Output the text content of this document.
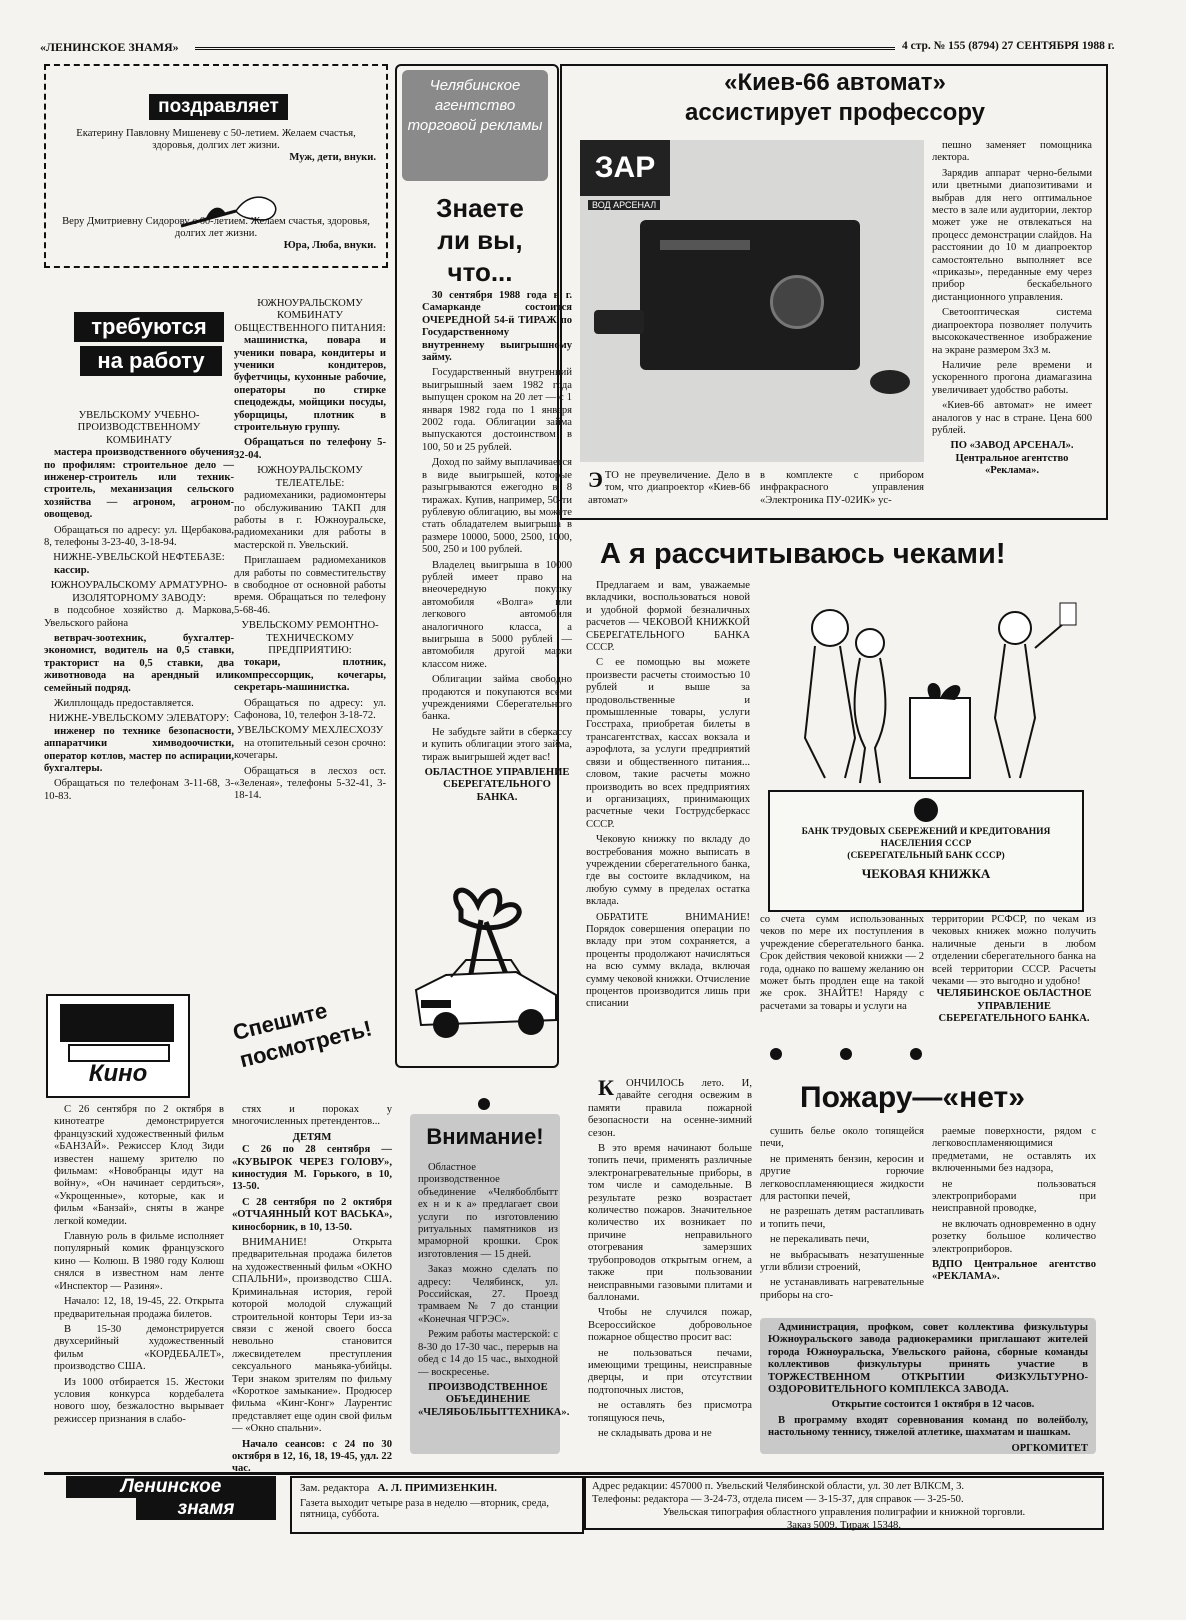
«ЛЕНИНСКОЕ ЗНАМЯ»	4 стр. № 155 (8794) 27 СЕНТЯБРЯ 1988 г.
поздравляет
Екатерину Павловну Мишеневу с 50-летием. Желаем счастья, здоровья, долгих лет жизни.
Муж, дети, внуки.
Веру Дмитриевну Сидорову с 60-летием. Желаем счастья, здоровья, долгих лет жизни.
Юра, Люба, внуки.
требуются
на работу
УВЕЛЬСКОМУ УЧЕБНО-ПРОИЗВОДСТВЕННОМУ КОМБИНАТУ

мастера производственного обучения по профилям: строительное дело — инженер-строитель или техник-строитель, механизация сельского хозяйства — агроном, агроном-овощевод.

Обращаться по адресу: ул. Щербакова, 8, телефоны 3-23-40, 3-18-94.

НИЖНЕ-УВЕЛЬСКОЙ НЕФТЕБАЗЕ:

кассир.

ЮЖНОУРАЛЬСКОМУ АРМАТУРНО-ИЗОЛЯТОРНОМУ ЗАВОДУ:

в подсобное хозяйство д. Маркова, Увельского района

ветврач-зоотехник, бухгалтер-экономист, водитель на 0,5 ставки, тракторист на 0,5 ставки, два животновода на арендный или семейный подряд.

Жилплощадь предоставляется.

НИЖНЕ-УВЕЛЬСКОМУ ЭЛЕВАТОРУ:

инженер по технике безопасности, аппаратчики химводоочистки, оператор котлов, мастер по аспирации, бухгалтеры.

Обращаться по телефонам 3-11-68, 3-10-83.

ЮЖНОУРАЛЬСКОМУ КОМБИНАТУ ОБЩЕСТВЕННОГО ПИТАНИЯ:

машинистка, повара и ученики повара, кондитеры и ученики кондитеров, буфетчицы, кухонные рабочие, операторы по стирке спецодежды, мойщики посуды, уборщицы, плотник в строительную группу.

Обращаться по телефону 5-32-04.

ЮЖНОУРАЛЬСКОМУ ТЕЛЕАТЕЛЬЕ:

радиомеханики, радиомонтеры по обслуживанию ТАКП для работы в г. Южноуральске, радиомеханики для работы в мастерской п. Увельский.

Приглашаем радиомехаников для работы по совместительству в свободное от основной работы время. Обращаться по телефону 5-68-46.

УВЕЛЬСКОМУ РЕМОНТНО-ТЕХНИЧЕСКОМУ ПРЕДПРИЯТИЮ:

токари, плотник, компрессорщик, кочегары, секретарь-машинистка.

Обращаться по адресу: ул. Сафонова, 10, телефон 3-18-72.

УВЕЛЬСКОМУ МЕХЛЕСХОЗУ

на отопительный сезон срочно: кочегары.

Обращаться в лесхоз ост. «Зеленая», телефоны 5-32-41, 3-18-14.

Челябинское агентство торговой рекламы
Знаете ли вы, что...

30 сентября 1988 года в г. Самарканде состоится ОЧЕРЕДНОЙ 54-й ТИРАЖ по Государственному внутреннему выигрышному займу.

Государственный внутренний выигрышный заем 1982 года выпущен сроком на 20 лет — с 1 января 1982 года по 1 января 2002 года. Облигации займа выпускаются достоинством в 100, 50 и 25 рублей.

Доход по займу выплачивается в виде выигрышей, которые разыгрываются ежегодно в 8 тиражах. Купив, например, 50-ти рублевую облигацию, вы можете стать обладателем выигрыша в размере 10000, 5000, 2500, 1000, 500, 250 и 100 рублей.

Владелец выигрыша в 10000 рублей имеет право на внеочередную покупку автомобиля «Волга» или легкового автомобиля аналогичного класса, а выигрыша в 5000 рублей — автомобиля другой марки классом ниже.

Облигации займа свободно продаются и покупаются всеми учреждениями Сберегательного банка.

Не забудьте зайти в сберкассу и купить облигации этого займа, тираж выигрышей ждет вас!

ОБЛАСТНОЕ УПРАВЛЕНИЕ СБЕРЕГАТЕЛЬНОГО БАНКА.
«Киев-66 автомат»
ассистирует профессору
ЗАР
ВОД АРСЕНАЛ

пешно заменяет помощника лектора.

Зарядив аппарат черно-белыми или цветными диапозитивами и выбрав для него оптимальное место в зале или аудитории, лектор может уже не отвлекаться на процесс демонстрации слайдов. На расстоянии до 10 м диапроектор самостоятельно выполняет все «приказы», переданные ему через прибор бескабельного дистанционного управления.

Светооптическая система диапроектора позволяет получить высококачественное изображение на экране размером 3х3 м.

Наличие реле времени и ускоренного прогона диамагазина увеличивает удобство работы.

«Киев-66 автомат» не имеет аналогов у нас в стране. Цена 600 рублей.

ПО «ЗАВОД АРСЕНАЛ». Центральное агентство «Реклама».
ЭТО не преувеличение. Дело в том, что диапроектор «Киев-66 автомат»
в комплекте с прибором инфракрасного управления «Электроника ПУ-02ИК» ус-
А я рассчитываюсь чеками!

Предлагаем и вам, уважаемые вкладчики, воспользоваться новой и удобной формой безналичных расчетов — ЧЕКОВОЙ КНИЖКОЙ СБЕРЕГАТЕЛЬНОГО БАНКА СССР.

С ее помощью вы можете произвести расчеты стоимостью 10 рублей и выше за продовольственные и промышленные товары, услуги Госстраха, приобретая билеты в трансагентствах, кассах вокзала и аэрофлота, за услуги предприятий связи и общественного питания... словом, такие расчеты можно производить во всех предприятиях и организациях, принимающих расчетные чеки Гострудсберкасс СССР.

Чековую книжку по вкладу до востребования можно выписать в учреждении сберегательного банка, где вы состоите вкладчиком, на любую сумму в пределах остатка вклада.

ОБРАТИТЕ ВНИМАНИЕ! Порядок совершения операции по вкладу при этом сохраняется, а проценты продолжают начисляться на всю сумму вклада, включая сумму чековой книжки. Отчисление процентов производится лишь при списании

БАНК ТРУДОВЫХ СБЕРЕЖЕНИЙ И КРЕДИТОВАНИЯ
НАСЕЛЕНИЯ СССР
(СБЕРЕГАТЕЛЬНЫЙ БАНК СССР)
ЧЕКОВАЯ КНИЖКА
со счета сумм использованных чеков по мере их поступления в учреждение сберегательного банка. Срок действия чековой книжки — 2 года, однако по вашему желанию он может быть продлен еще на такой же срок. ЗНАЙТЕ! Наряду с расчетами за товары и услуги на
территории РСФСР, по чекам из чековых книжек можно получить наличные деньги в любом отделении сберегательного банка на всей территории СССР. Расчеты чеками — это выгодно и удобно!
ЧЕЛЯБИНСКОЕ ОБЛАСТНОЕ УПРАВЛЕНИЕ СБЕРЕГАТЕЛЬНОГО БАНКА.
Кино
Спешите посмотреть!

С 26 сентября по 2 октября в кинотеатре демонстрируется французский художественный фильм «БАНЗАЙ». Режиссер Клод Зиди известен нашему зрителю по фильмам: «Новобранцы идут на войну», «Он начинает сердиться», «Укрощенные», которые, как и фильм «Банзай», сняты в жанре легкой комедии.

Главную роль в фильме исполняет популярный комик французского кино — Колюш. В 1980 году Колюш снялся в известном нам ленте «Инспектор — Разиня».

Начало: 12, 18, 19-45, 22. Открыта предварительная продажа билетов.

В 15-30 демонстрируется двухсерийный художественный фильм «КОРДЕБАЛЕТ», производство США.

Из 1000 отбирается 15. Жестоки условия конкурса кордебалета нового шоу, безжалостно вырывает режиссер признания в слабо-

стях и пороках у многочисленных претендентов...

ДЕТЯМ

С 26 по 28 сентября — «КУВЫРОК ЧЕРЕЗ ГОЛОВУ», киностудия М. Горького, в 10, 13-50.

С 28 сентября по 2 октября «ОТЧАЯННЫЙ КОТ ВАСЬКА», киносборник, в 10, 13-50.

ВНИМАНИЕ! Открыта предварительная продажа билетов на художественный фильм «ОКНО СПАЛЬНИ», производство США. Криминальная история, герой которой молодой служащий строительной конторы Тери из-за связи с женой своего босса невольно становится лжесвидетелем преступления сексуального маньяка-убийцы. Тери знаком зрителям по фильму «Короткое замыкание». Продюсер фильма «Кинг-Конг» Лаурентис представляет еще один свой фильм — «Окно спальни».

Начало сеансов: с 24 по 30 октября в 12, 16, 18, 19-45, удл. 22 час.

Внимание!

Областное производственное объединение «Челябоблбытт ех н и к а» предлагает свои услуги по изготовлению ритуальных памятников из мраморной крошки. Срок изготовления — 15 дней.

Заказ можно сделать по адресу: Челябинск, ул. Российская, 27. Проезд трамваем № 7 до станции «Конечная ЧГРЭС».

Режим работы мастерской: с 8-30 до 17-30 час., перерыв на обед с 14 до 15 час., выходной — воскресенье.

ПРОИЗВОДСТВЕННОЕ ОБЪЕДИНЕНИЕ «ЧЕЛЯБОБЛБЫТТЕХНИКА».
Пожару—«нет»

К ОНЧИЛОСЬ лето. И, давайте сегодня освежим в памяти правила пожарной безопасности на осенне-зимний сезон.

В это время начинают больше топить печи, применять различные электронагревательные приборы, в том числе и самодельные. В результате резко возрастает количество пожаров. Значительное количество их возникает по причине неправильного отогревания замерзших трубопроводов открытым огнем, а также при пользовании неисправными газовыми плитами и баллонами.

Чтобы не случился пожар, Всероссийское добровольное пожарное общество просит вас:

не пользоваться печами, имеющими трещины, неисправные дверцы, и при отсутствии подтопочных листов,

не оставлять без присмотра топящуюся печь,

не складывать дрова и не

сушить белье около топящейся печи,

не применять бензин, керосин и другие горючие легковоспламеняющиеся жидкости для растопки печей,

не разрешать детям растапливать и топить печи,

не перекаливать печи,

не выбрасывать незатушенные угли вблизи строений,

не устанавливать нагревательные приборы на сго-

раемые поверхности, рядом с легковоспламеняющимися предметами, не оставлять их включенными без надзора,

не пользоваться электроприборами при неисправной проводке,

не включать одновременно в одну розетку большое количество электроприборов.

ВДПО Центральное агентство «РЕКЛАМА».

Администрация, профком, совет коллектива физкультуры Южноуральского завода радиокерамики приглашают жителей города Южноуральска, Увельского района, сборные команды коллективов физкультуры принять участие в ТОРЖЕСТВЕННОМ ОТКРЫТИИ ФИЗКУЛЬТУРНО-ОЗДОРОВИТЕЛЬНОГО КОМПЛЕКСА ЗАВОДА.

Открытие состоится 1 октября в 12 часов.

В программу входят соревнования команд по волейболу, настольному теннису, тяжелой атлетике, шахматам и шашкам.

ОРГКОМИТЕТ
Ленинское
знамя
Зам. редактора А. Л. ПРИМИЗЕНКИН.
Газета выходит четыре раза в неделю —вторник, среда, пятница, суббота.
Адрес редакции: 457000 п. Увельский Челябинской области, ул. 30 лет ВЛКСМ, 3.
Телефоны: редактора — 3-24-73, отдела писем — 3-15-37, для справок — 3-25-50.
Увельская типография областного управления полиграфии и книжной торговли.
Заказ 5009. Тираж 15348.
